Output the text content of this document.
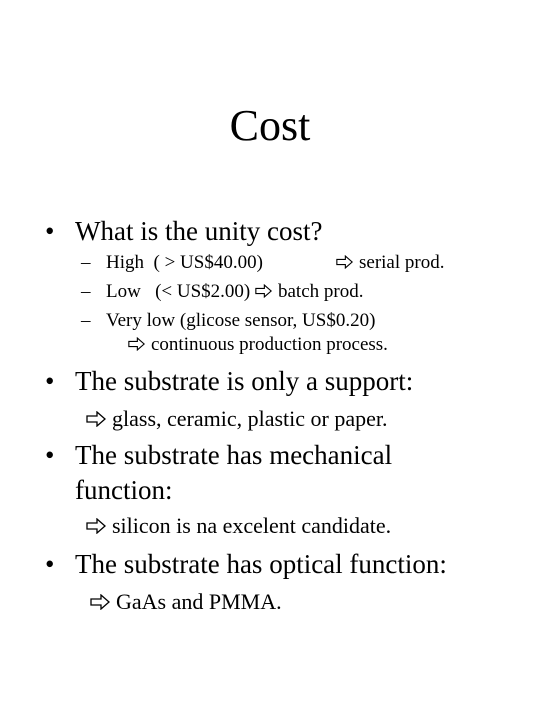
Cost
• What is the unity cost?
– High  ( > US$40.00)	serial prod.
– Low   (< US$2.00) batch prod.
– Very low (glicose sensor, US$0.20)
continuous production process.
• The substrate is only a support:
glass, ceramic, plastic or paper.
• The substrate has mechanical
function:
silicon is na excelent candidate.
• The substrate has optical function:
GaAs and PMMA.
